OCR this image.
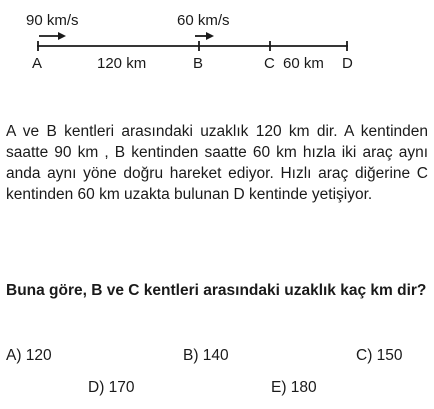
90 km/s	60 km/s
A	120 km	B	C 60 km D

A ve B kentleri arasındaki uzaklık 120 km dir. A kentinden saatte 90 km , B kentinden saatte 60 km hızla iki araç aynı anda aynı yöne doğru hareket ediyor. Hızlı araç diğerine C kentinden 60 km uzakta bulunan D kentinde yetişiyor.

Buna göre, B ve C kentleri arasındaki uzaklık kaç km dir?

A) 120	B) 140	C) 150
D) 170	E) 180
